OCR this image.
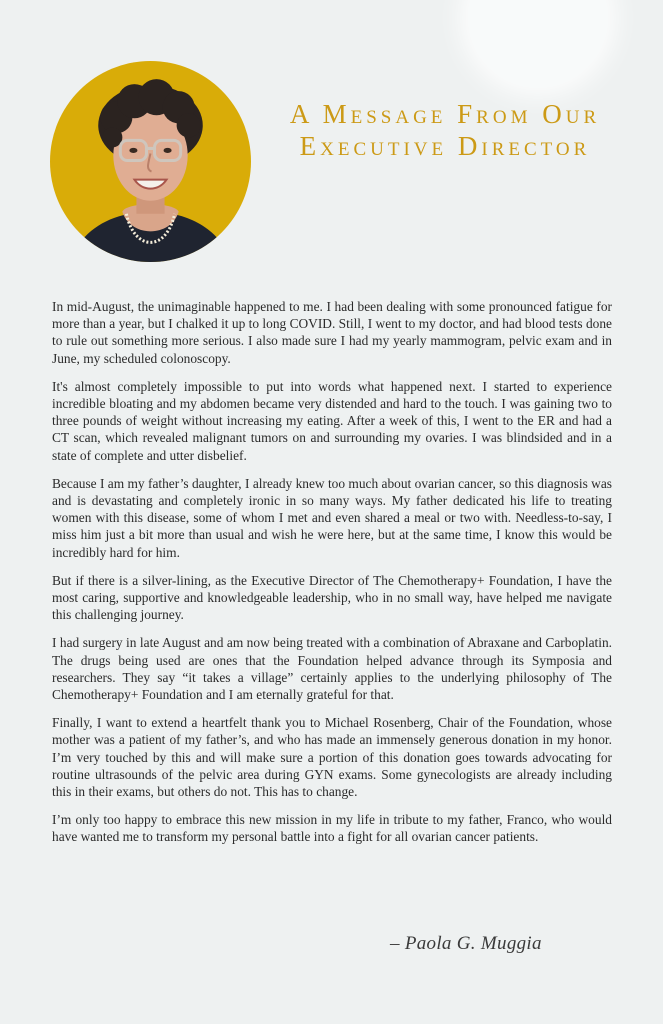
A Message From Our
Executive Director

In mid-August, the unimaginable happened to me. I had been dealing with some pronounced fatigue for more than a year, but I chalked it up to long COVID. Still, I went to my doctor, and had blood tests done to rule out something more serious. I also made sure I had my yearly mammogram, pelvic exam and in June, my scheduled colonoscopy.

It's almost completely impossible to put into words what happened next. I started to experience incredible bloating and my abdomen became very distended and hard to the touch. I was gaining two to three pounds of weight without increasing my eating. After a week of this, I went to the ER and had a CT scan, which revealed malignant tumors on and surrounding my ovaries. I was blindsided and in a state of complete and utter disbelief.

Because I am my father’s daughter, I already knew too much about ovarian cancer, so this diagnosis was and is devastating and completely ironic in so many ways. My father dedicated his life to treating women with this disease, some of whom I met and even shared a meal or two with. Needless-to-say, I miss him just a bit more than usual and wish he were here, but at the same time, I know this would be incredibly hard for him.

But if there is a silver-lining, as the Executive Director of The Chemotherapy+ Foundation, I have the most caring, supportive and knowledgeable leadership, who in no small way, have helped me navigate this challenging journey.

I had surgery in late August and am now being treated with a combination of Abraxane and Carboplatin. The drugs being used are ones that the Foundation helped advance through its Symposia and researchers. They say “it takes a village” certainly applies to the underlying philosophy of The Chemotherapy+ Foundation and I am eternally grateful for that.

Finally, I want to extend a heartfelt thank you to Michael Rosenberg, Chair of the Foundation, whose mother was a patient of my father’s, and who has made an immensely generous donation in my honor. I’m very touched by this and will make sure a portion of this donation goes towards advocating for routine ultrasounds of the pelvic area during GYN exams. Some gynecologists are already including this in their exams, but others do not. This has to change.

I’m only too happy to embrace this new mission in my life in tribute to my father, Franco, who would have wanted me to transform my personal battle into a fight for all ovarian cancer patients.

– Paola G. Muggia
